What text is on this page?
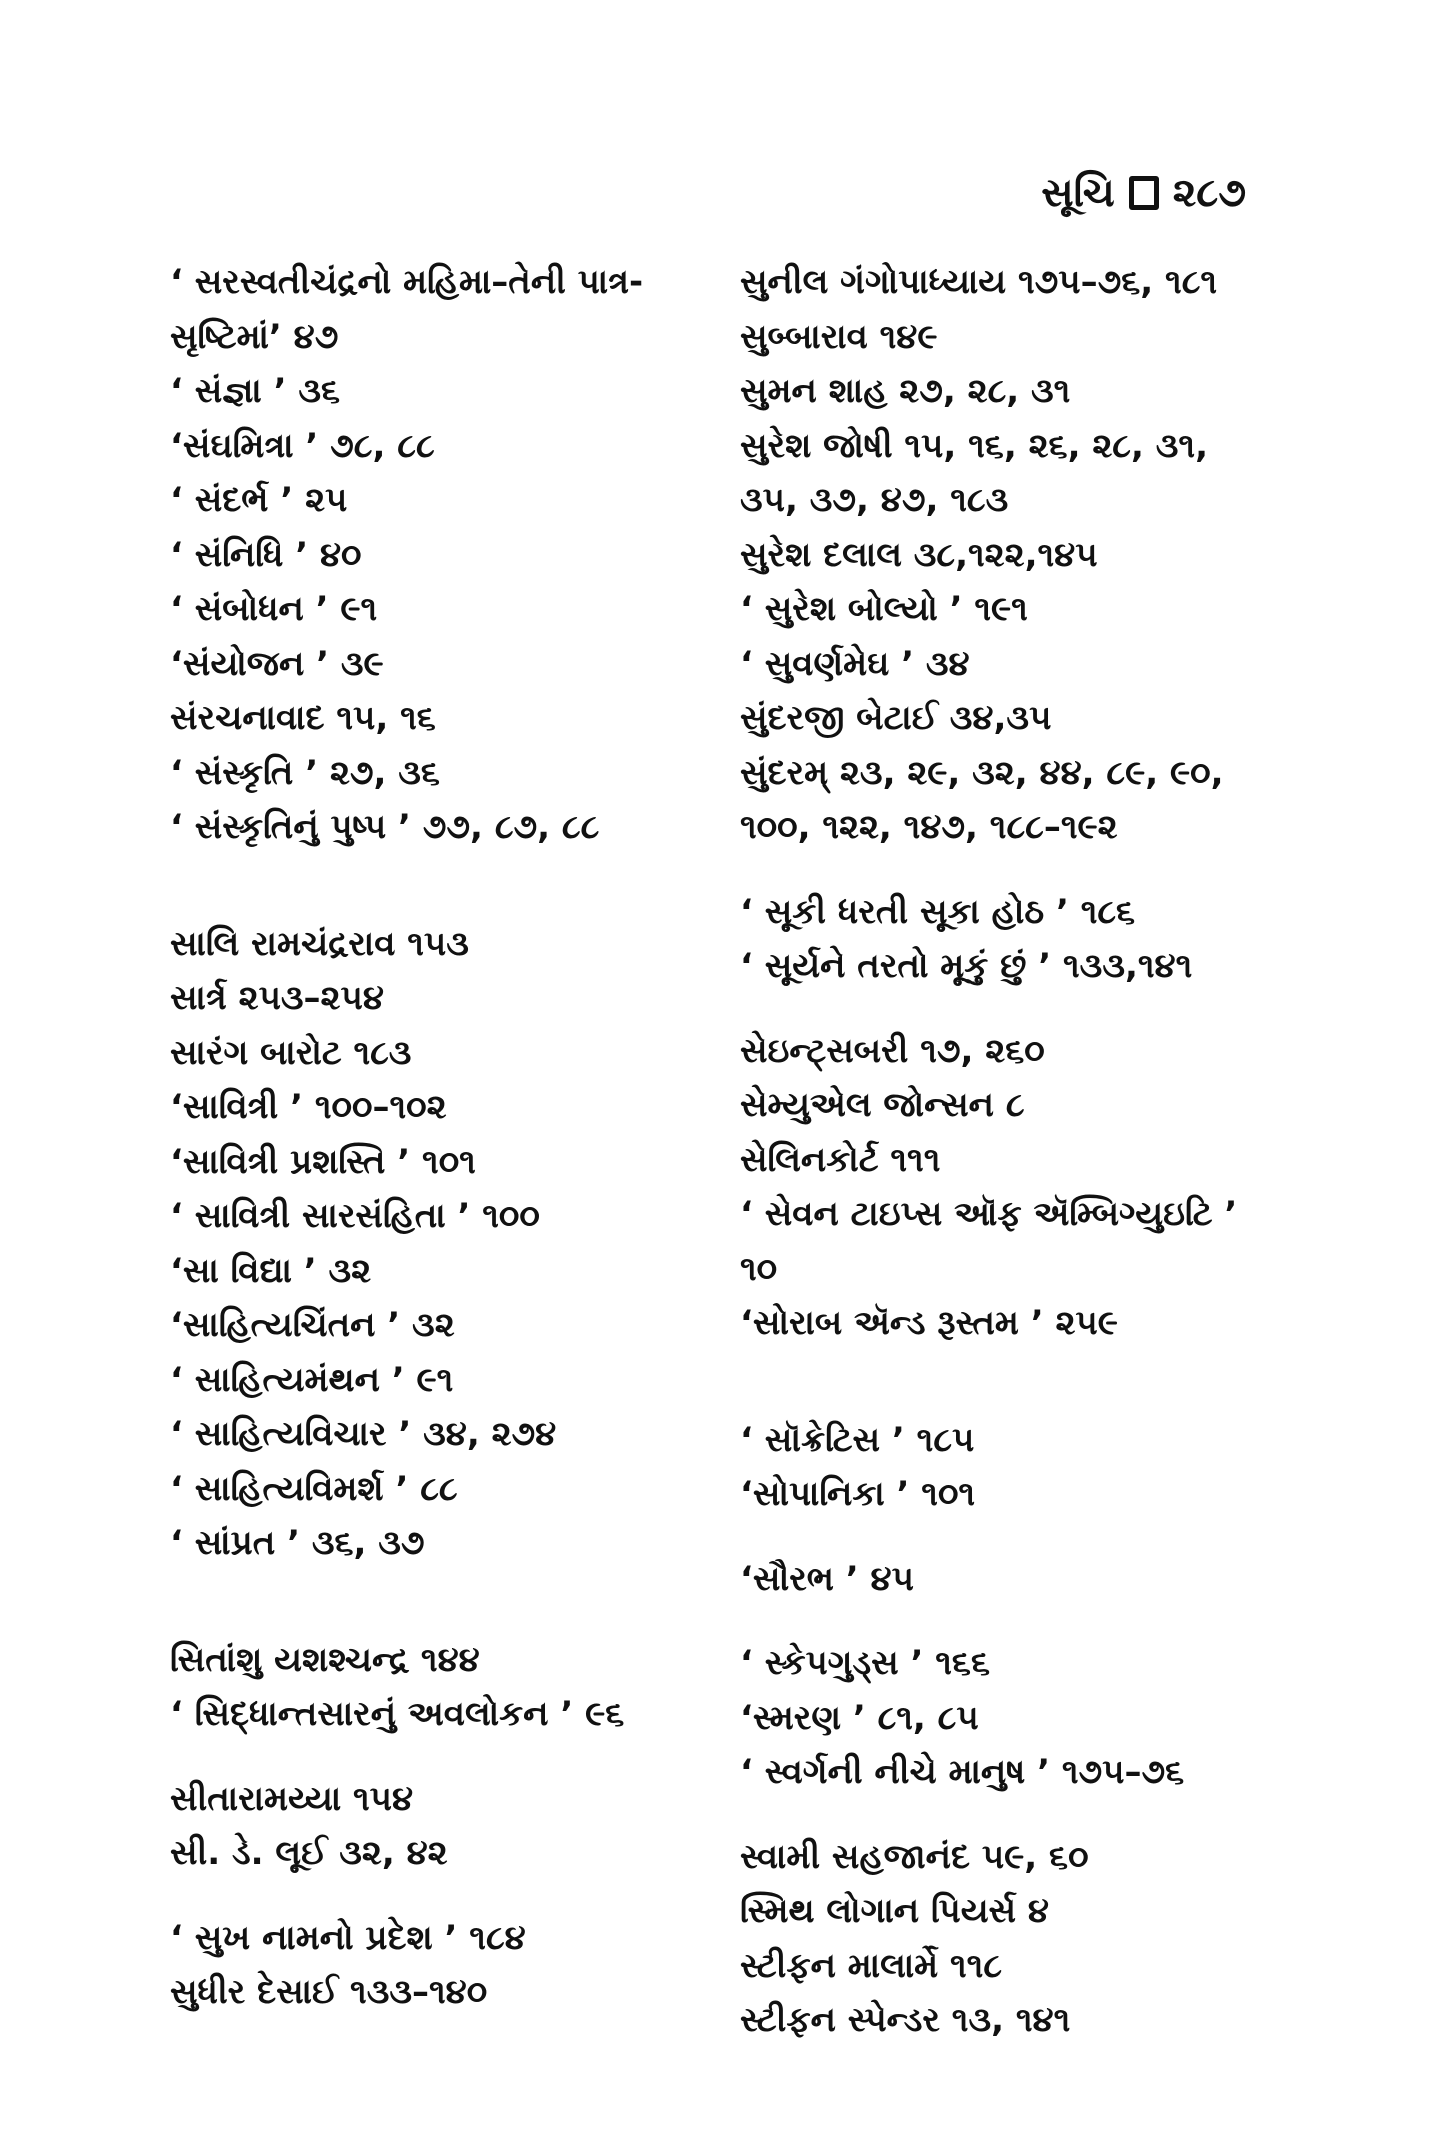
સૂચિ ૨૮૭

‘ સરસ્વતીચંદ્રનો મહિમા–તેની પાત્ર-
સૃષ્ટિમાં’ ૪૭

‘ સંજ્ઞા ’ ૩૬

‘સંઘમિત્રા ’ ૭૮, ૮૮

‘ સંદર્ભ ’ ૨૫

‘ સંનિધિ ’ ૪૦

‘ સંબોધન ’ ૯૧

‘સંયોજન ’ ૩૯

સંરચનાવાદ ૧૫, ૧૬

‘ સંસ્કૃતિ ’ ૨૭, ૩૬

‘ સંસ્કૃતિનું પુષ્પ ’ ૭૭, ૮૭, ૮૮

સાલિ રામચંદ્રરાવ ૧૫૩

સાર્ત્ર ૨૫૩–૨૫૪

સારંગ બારોટ ૧૮૩

‘સાવિત્રી ’ ૧૦૦–૧૦૨

‘સાવિત્રી પ્રશસ્તિ ’ ૧૦૧

‘ સાવિત્રી સારસંહિતા ’ ૧૦૦

‘સા વિદ્યા ’ ૩૨

‘સાહિત્યચિંતન ’ ૩૨

‘ સાહિત્યમંથન ’ ૯૧

‘ સાહિત્યવિચાર ’ ૩૪, ૨૭૪

‘ સાહિત્યવિમર્શ ’ ૮૮

‘ સાંપ્રત ’ ૩૬, ૩૭

સિતાંશુ યશશ્ચન્દ્ર ૧૪૪

‘ સિદ્ધાન્તસારનું અવલોકન ’ ૯૬

સીતારામય્યા ૧૫૪

સી. ડે. લૂઈ ૩૨, ૪૨

‘ સુખ નામનો પ્રદેશ ’ ૧૮૪

સુધીર દેસાઈ ૧૩૩–૧૪૦

સુનીલ ગંગોપાધ્યાય ૧૭૫–૭૬, ૧૮૧

સુબ્બારાવ ૧૪૯

સુમન શાહ ૨૭, ૨૮, ૩૧

સુરેશ જોષી ૧૫, ૧૬, ૨૬, ૨૮, ૩૧,
૩૫, ૩૭, ૪૭, ૧૮૩

સુરેશ દલાલ ૩૮,૧૨૨,૧૪૫

‘ સુરેશ બોલ્યો ’ ૧૯૧

‘ સુવર્ણમેઘ ’ ૩૪

સુંદરજી બેટાઈ ૩૪,૩૫

સુંદરમ્ ૨૩, ૨૯, ૩૨, ૪૪, ૮૯, ૯૦,
૧૦૦, ૧૨૨, ૧૪૭, ૧૮૮–૧૯૨

‘ સૂકી ધરતી સૂકા હોઠ ’ ૧૮૬

‘ સૂર્યને તરતો મૂકું છું ’ ૧૩૩,૧૪૧

સેઇન્ટ્સબરી ૧૭, ૨૬૦

સેમ્યુએલ જોન્સન ૮

સેલિનકોર્ટ ૧૧૧

‘ સેવન ટાઇપ્સ ઑફ ઍમ્બિગ્યુઇટિ ’
૧૦

‘સોરાબ ઍન્ડ રૂસ્તમ ’ ૨૫૯

‘ સૉક્રેટિસ ’ ૧૮૫

‘સોપાનિકા ’ ૧૦૧

‘સૌરભ ’ ૪૫

‘ સ્કેપગુડ્સ ’ ૧૬૬

‘સ્મરણ ’ ૮૧, ૮૫

‘ સ્વર્ગની નીચે માનુષ ’ ૧૭૫–૭૬

સ્વામી સહજાનંદ ૫૯, ૬૦

સ્મિથ લોગાન પિયર્સ ૪

સ્ટીફન માલાર્મે ૧૧૮

સ્ટીફન સ્પેન્ડર ૧૩, ૧૪૧
